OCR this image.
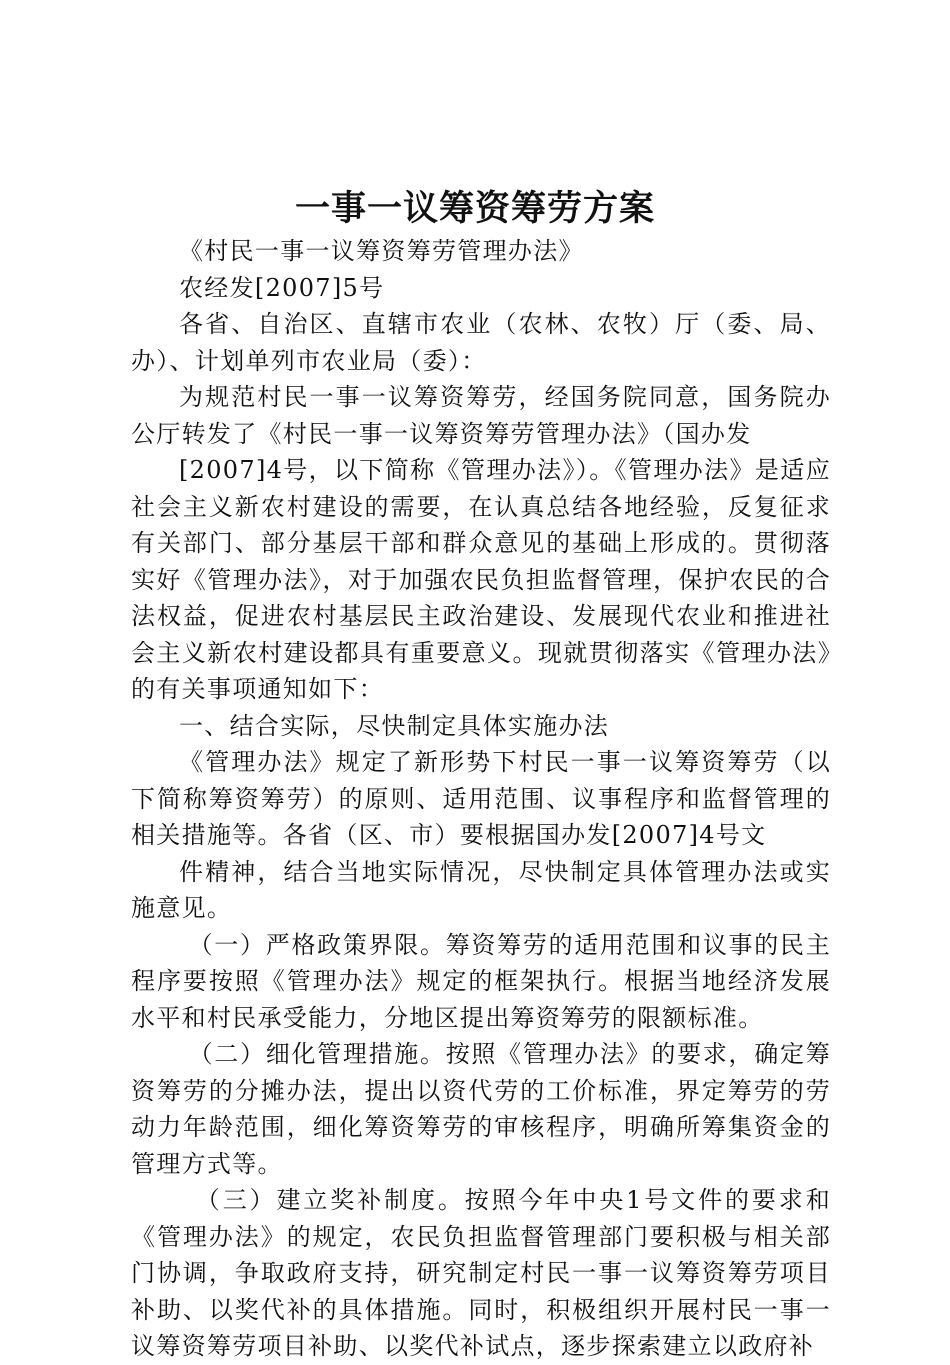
一事一议筹资筹劳方案

《村民一事一议筹资筹劳管理办法》

农经发[2007]5号

各省、自治区、直辖市农业（农林、农牧）厅（委、局、办）、计划单列市农业局（委）：

为规范村民一事一议筹资筹劳，经国务院同意，国务院办公厅转发了《村民一事一议筹资筹劳管理办法》（国办发

[2007]4号，以下简称《管理办法》）。《管理办法》是适应社会主义新农村建设的需要，在认真总结各地经验，反复征求有关部门、部分基层干部和群众意见的基础上形成的。贯彻落实好《管理办法》，对于加强农民负担监督管理，保护农民的合法权益，促进农村基层民主政治建设、发展现代农业和推进社会主义新农村建设都具有重要意义。现就贯彻落实《管理办法》的有关事项通知如下：

一、结合实际，尽快制定具体实施办法

《管理办法》规定了新形势下村民一事一议筹资筹劳（以下简称筹资筹劳）的原则、适用范围、议事程序和监督管理的相关措施等。各省（区、市）要根据国办发[2007]4号文

件精神，结合当地实际情况，尽快制定具体管理办法或实施意见。

（一）严格政策界限。筹资筹劳的适用范围和议事的民主程序要按照《管理办法》规定的框架执行。根据当地经济发展水平和村民承受能力，分地区提出筹资筹劳的限额标准。

（二）细化管理措施。按照《管理办法》的要求，确定筹资筹劳的分摊办法，提出以资代劳的工价标准，界定筹劳的劳动力年龄范围，细化筹资筹劳的审核程序，明确所筹集资金的管理方式等。

（三）建立奖补制度。按照今年中央1号文件的要求和《管理办法》的规定，农民负担监督管理部门要积极与相关部门协调，争取政府支持，研究制定村民一事一议筹资筹劳项目补助、以奖代补的具体措施。同时，积极组织开展村民一事一议筹资筹劳项目补助、以奖代补试点，逐步探索建立以政府补
